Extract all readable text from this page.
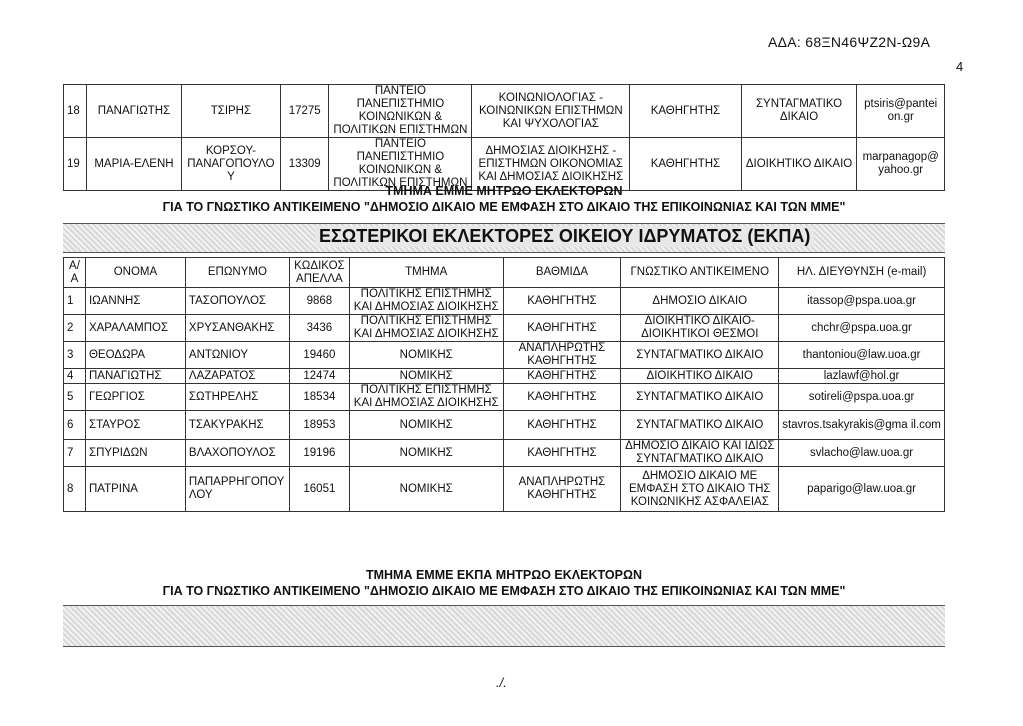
ΑΔΑ: 68ΞΝ46ΨΖ2Ν-Ω9Α
4
18	ΠΑΝΑΓΙΩΤΗΣ	ΤΣΙΡΗΣ	17275	ΠΑΝΤΕΙΟ ΠΑΝΕΠΙΣΤΗΜΙΟ ΚΟΙΝΩΝΙΚΩΝ & ΠΟΛΙΤΙΚΩΝ ΕΠΙΣΤΗΜΩΝ	ΚΟΙΝΩΝΙΟΛΟΓΙΑΣ - ΚΟΙΝΩΝΙΚΩΝ ΕΠΙΣΤΗΜΩΝ ΚΑΙ ΨΥΧΟΛΟΓΙΑΣ	ΚΑΘΗΓΗΤΗΣ	ΣΥΝΤΑΓΜΑΤΙΚΟ ΔΙΚΑΙΟ	ptsiris@pantei on.gr
19	ΜΑΡΙΑ-ΕΛΕΝΗ	ΚΟΡΣΟΥ-ΠΑΝΑΓΟΠΟΥΛΟ Υ	13309	ΠΑΝΤΕΙΟ ΠΑΝΕΠΙΣΤΗΜΙΟ ΚΟΙΝΩΝΙΚΩΝ & ΠΟΛΙΤΙΚΩΝ ΕΠΙΣΤΗΜΩΝ	ΔΗΜΟΣΙΑΣ ΔΙΟΙΚΗΣΗΣ - ΕΠΙΣΤΗΜΩΝ ΟΙΚΟΝΟΜΙΑΣ ΚΑΙ ΔΗΜΟΣΙΑΣ ΔΙΟΙΚΗΣΗΣ	ΚΑΘΗΓΗΤΗΣ	ΔΙΟΙΚΗΤΙΚΟ ΔΙΚΑΙΟ	marpanagop@ yahoo.gr
ΤΜΗΜΑ ΕΜΜΕ ΜΗΤΡΩΟ ΕΚΛΕΚΤΟΡΩΝ
ΓΙΑ ΤΟ ΓΝΩΣΤΙΚΟ ΑΝΤΙΚΕΙΜΕΝΟ "ΔΗΜΟΣΙΟ ΔΙΚΑΙΟ ΜΕ ΕΜΦΑΣΗ ΣΤΟ ΔΙΚΑΙΟ ΤΗΣ ΕΠΙΚΟΙΝΩΝΙΑΣ ΚΑΙ ΤΩΝ ΜΜΕ"
ΕΣΩΤΕΡΙΚΟΙ ΕΚΛΕΚΤΟΡΕΣ ΟΙΚΕΙΟΥ ΙΔΡΥΜΑΤΟΣ (ΕΚΠΑ)
Α/Α	ΟΝΟΜΑ	ΕΠΩΝΥΜΟ	ΚΩΔΙΚΟΣ ΑΠΕΛΛΑ	ΤΜΗΜΑ	ΒΑΘΜΙΔΑ	ΓΝΩΣΤΙΚΟ ΑΝΤΙΚΕΙΜΕΝΟ	ΗΛ. ΔΙΕΥΘΥΝΣΗ (e-mail)
1	ΙΩΑΝΝΗΣ	ΤΑΣΟΠΟΥΛΟΣ	9868	ΠΟΛΙΤΙΚΗΣ ΕΠΙΣΤΗΜΗΣ ΚΑΙ ΔΗΜΟΣΙΑΣ ΔΙΟΙΚΗΣΗΣ	ΚΑΘΗΓΗΤΗΣ	ΔΗΜΟΣΙΟ ΔΙΚΑΙΟ	itassop@pspa.uoa.gr
2	ΧΑΡΑΛΑΜΠΟΣ	ΧΡΥΣΑΝΘΑΚΗΣ	3436	ΠΟΛΙΤΙΚΗΣ ΕΠΙΣΤΗΜΗΣ ΚΑΙ ΔΗΜΟΣΙΑΣ ΔΙΟΙΚΗΣΗΣ	ΚΑΘΗΓΗΤΗΣ	ΔΙΟΙΚΗΤΙΚΟ ΔΙΚΑΙΟ-ΔΙΟΙΚΗΤΙΚΟΙ ΘΕΣΜΟΙ	chchr@pspa.uoa.gr
3	ΘΕΟΔΩΡΑ	ΑΝΤΩΝΙΟΥ	19460	ΝΟΜΙΚΗΣ	ΑΝΑΠΛΗΡΩΤΗΣ ΚΑΘΗΓΗΤΗΣ	ΣΥΝΤΑΓΜΑΤΙΚΟ ΔΙΚΑΙΟ	thantoniou@law.uoa.gr
4	ΠΑΝΑΓΙΩΤΗΣ	ΛΑΖΑΡΑΤΟΣ	12474	ΝΟΜΙΚΗΣ	ΚΑΘΗΓΗΤΗΣ	ΔΙΟΙΚΗΤΙΚΟ ΔΙΚΑΙΟ	lazlawf@hol.gr
5	ΓΕΩΡΓΙΟΣ	ΣΩΤΗΡΕΛΗΣ	18534	ΠΟΛΙΤΙΚΗΣ ΕΠΙΣΤΗΜΗΣ ΚΑΙ ΔΗΜΟΣΙΑΣ ΔΙΟΙΚΗΣΗΣ	ΚΑΘΗΓΗΤΗΣ	ΣΥΝΤΑΓΜΑΤΙΚΟ ΔΙΚΑΙΟ	sotireli@pspa.uoa.gr
6	ΣΤΑΥΡΟΣ	ΤΣΑΚΥΡΑΚΗΣ	18953	ΝΟΜΙΚΗΣ	ΚΑΘΗΓΗΤΗΣ	ΣΥΝΤΑΓΜΑΤΙΚΟ ΔΙΚΑΙΟ	stavros.tsakyrakis@gma il.com
7	ΣΠΥΡΙΔΩΝ	ΒΛΑΧΟΠΟΥΛΟΣ	19196	ΝΟΜΙΚΗΣ	ΚΑΘΗΓΗΤΗΣ	ΔΗΜΟΣΙΟ ΔΙΚΑΙΟ ΚΑΙ ΙΔΙΩΣ ΣΥΝΤΑΓΜΑΤΙΚΟ ΔΙΚΑΙΟ	svlacho@law.uoa.gr
8	ΠΑΤΡΙΝΑ	ΠΑΠΑΡΡΗΓΟΠΟΥ ΛΟΥ	16051	ΝΟΜΙΚΗΣ	ΑΝΑΠΛΗΡΩΤΗΣ ΚΑΘΗΓΗΤΗΣ	ΔΗΜΟΣΙΟ ΔΙΚΑΙΟ ΜΕ ΕΜΦΑΣΗ ΣΤΟ ΔΙΚΑΙΟ ΤΗΣ ΚΟΙΝΩΝΙΚΗΣ ΑΣΦΑΛΕΙΑΣ	paparigo@law.uoa.gr
ΤΜΗΜΑ ΕΜΜΕ ΕΚΠΑ ΜΗΤΡΩΟ ΕΚΛΕΚΤΟΡΩΝ
ΓΙΑ ΤΟ ΓΝΩΣΤΙΚΟ ΑΝΤΙΚΕΙΜΕΝΟ "ΔΗΜΟΣΙΟ ΔΙΚΑΙΟ ΜΕ ΕΜΦΑΣΗ ΣΤΟ ΔΙΚΑΙΟ ΤΗΣ ΕΠΙΚΟΙΝΩΝΙΑΣ ΚΑΙ ΤΩΝ ΜΜΕ"
./.
